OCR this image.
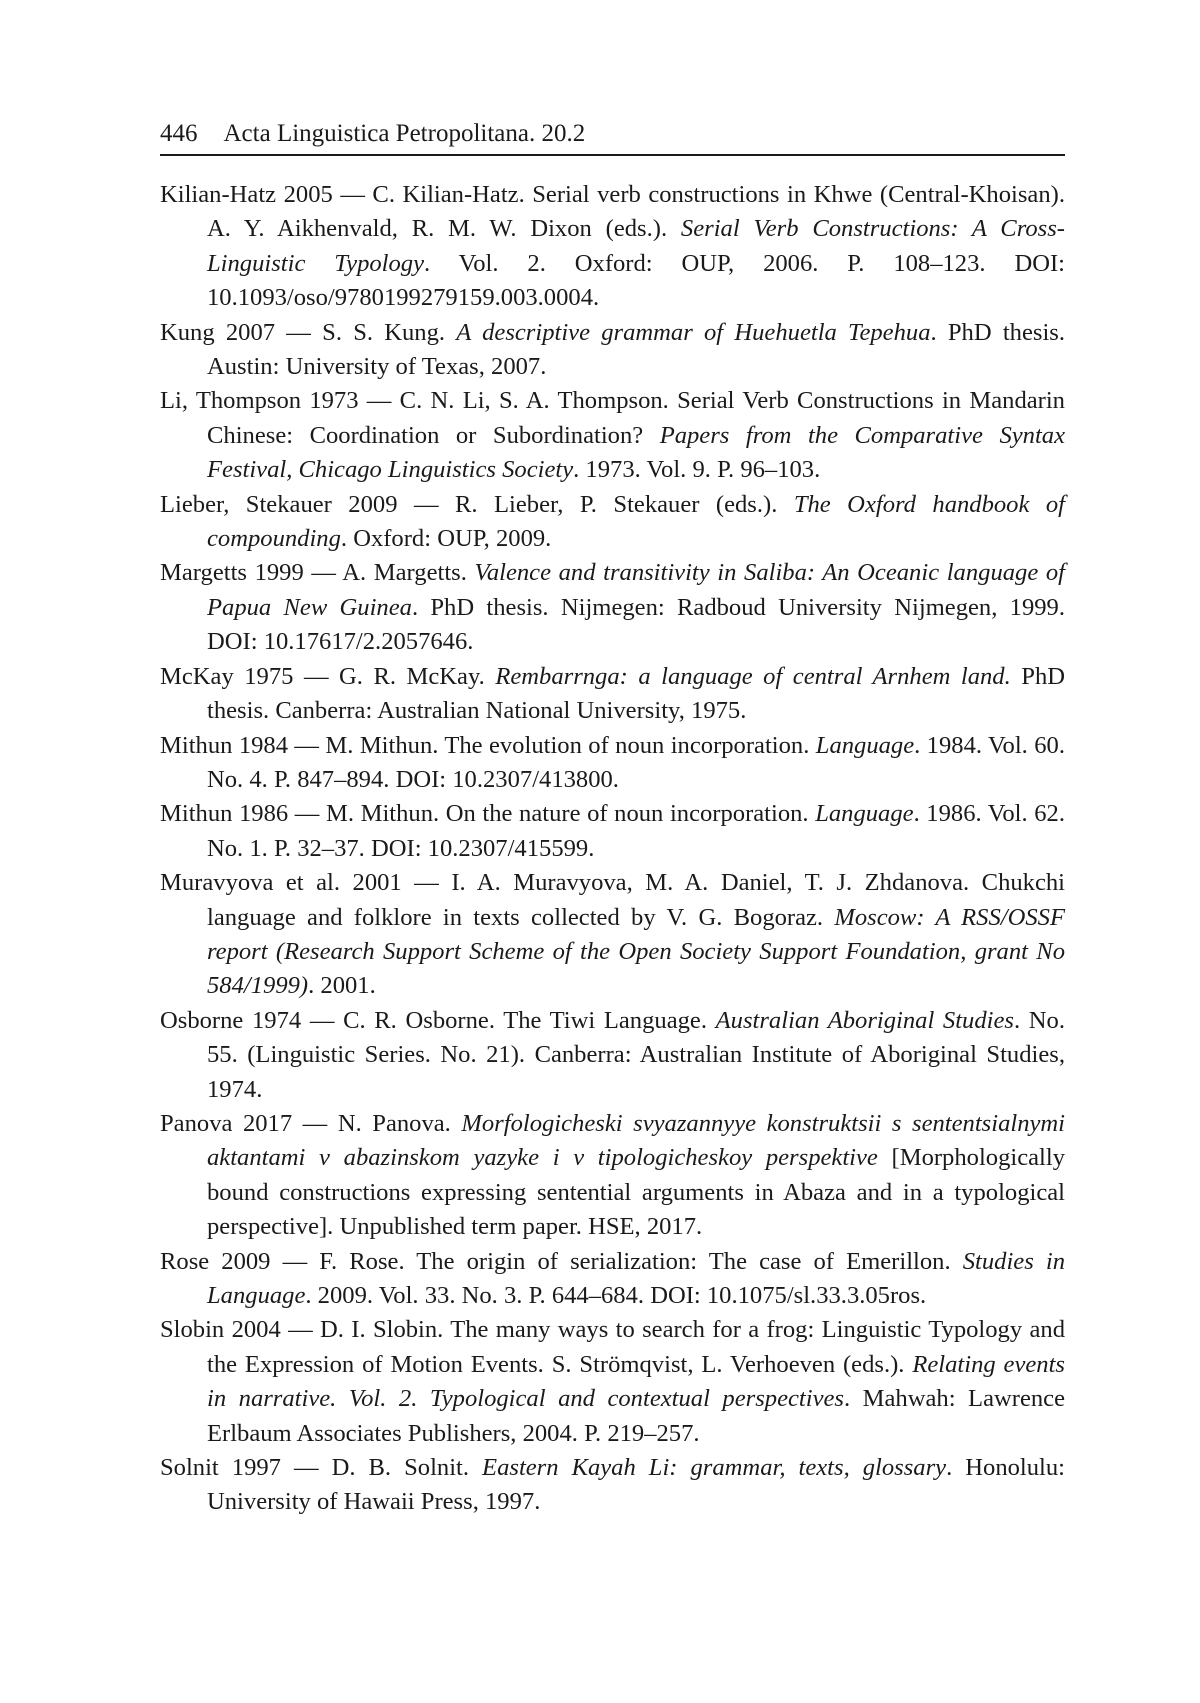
446 Acta Linguistica Petropolitana. 20.2
Kilian-Hatz 2005 — C. Kilian-Hatz. Serial verb constructions in Khwe (Central-Khoisan). A. Y. Aikhenvald, R. M. W. Dixon (eds.). Serial Verb Constructions: A Cross-Linguistic Typology. Vol. 2. Oxford: OUP, 2006. P. 108–123. DOI: 10.1093/oso/9780199279159.003.0004.
Kung 2007 — S. S. Kung. A descriptive grammar of Huehuetla Tepehua. PhD thesis. Austin: University of Texas, 2007.
Li, Thompson 1973 — C. N. Li, S. A. Thompson. Serial Verb Constructions in Mandarin Chinese: Coordination or Subordination? Papers from the Comparative Syntax Festival, Chicago Linguistics Society. 1973. Vol. 9. P. 96–103.
Lieber, Stekauer 2009 — R. Lieber, P. Stekauer (eds.). The Oxford handbook of compounding. Oxford: OUP, 2009.
Margetts 1999 — A. Margetts. Valence and transitivity in Saliba: An Oceanic language of Papua New Guinea. PhD thesis. Nijmegen: Radboud University Nijmegen, 1999. DOI: 10.17617/2.2057646.
McKay 1975 — G. R. McKay. Rembarrnga: a language of central Arnhem land. PhD thesis. Canberra: Australian National University, 1975.
Mithun 1984 — M. Mithun. The evolution of noun incorporation. Language. 1984. Vol. 60. No. 4. P. 847–894. DOI: 10.2307/413800.
Mithun 1986 — M. Mithun. On the nature of noun incorporation. Language. 1986. Vol. 62. No. 1. P. 32–37. DOI: 10.2307/415599.
Muravyova et al. 2001 — I. A. Muravyova, M. A. Daniel, T. J. Zhdanova. Chukchi language and folklore in texts collected by V. G. Bogoraz. Moscow: A RSS/OSSF report (Research Support Scheme of the Open Society Support Foundation, grant No 584/1999). 2001.
Osborne 1974 — C. R. Osborne. The Tiwi Language. Australian Aboriginal Studies. No. 55. (Linguistic Series. No. 21). Canberra: Australian Institute of Aboriginal Studies, 1974.
Panova 2017 — N. Panova. Morfologicheski svyazannyye konstruktsii s sententsialnymi aktantami v abazinskom yazyke i v tipologicheskoy perspektive [Morphologically bound constructions expressing sentential arguments in Abaza and in a typological perspective]. Unpublished term paper. HSE, 2017.
Rose 2009 — F. Rose. The origin of serialization: The case of Emerillon. Studies in Language. 2009. Vol. 33. No. 3. P. 644–684. DOI: 10.1075/sl.33.3.05ros.
Slobin 2004 — D. I. Slobin. The many ways to search for a frog: Linguistic Typology and the Expression of Motion Events. S. Strömqvist, L. Verhoeven (eds.). Relating events in narrative. Vol. 2. Typological and contextual perspectives. Mahwah: Lawrence Erlbaum Associates Publishers, 2004. P. 219–257.
Solnit 1997 — D. B. Solnit. Eastern Kayah Li: grammar, texts, glossary. Honolulu: University of Hawaii Press, 1997.
